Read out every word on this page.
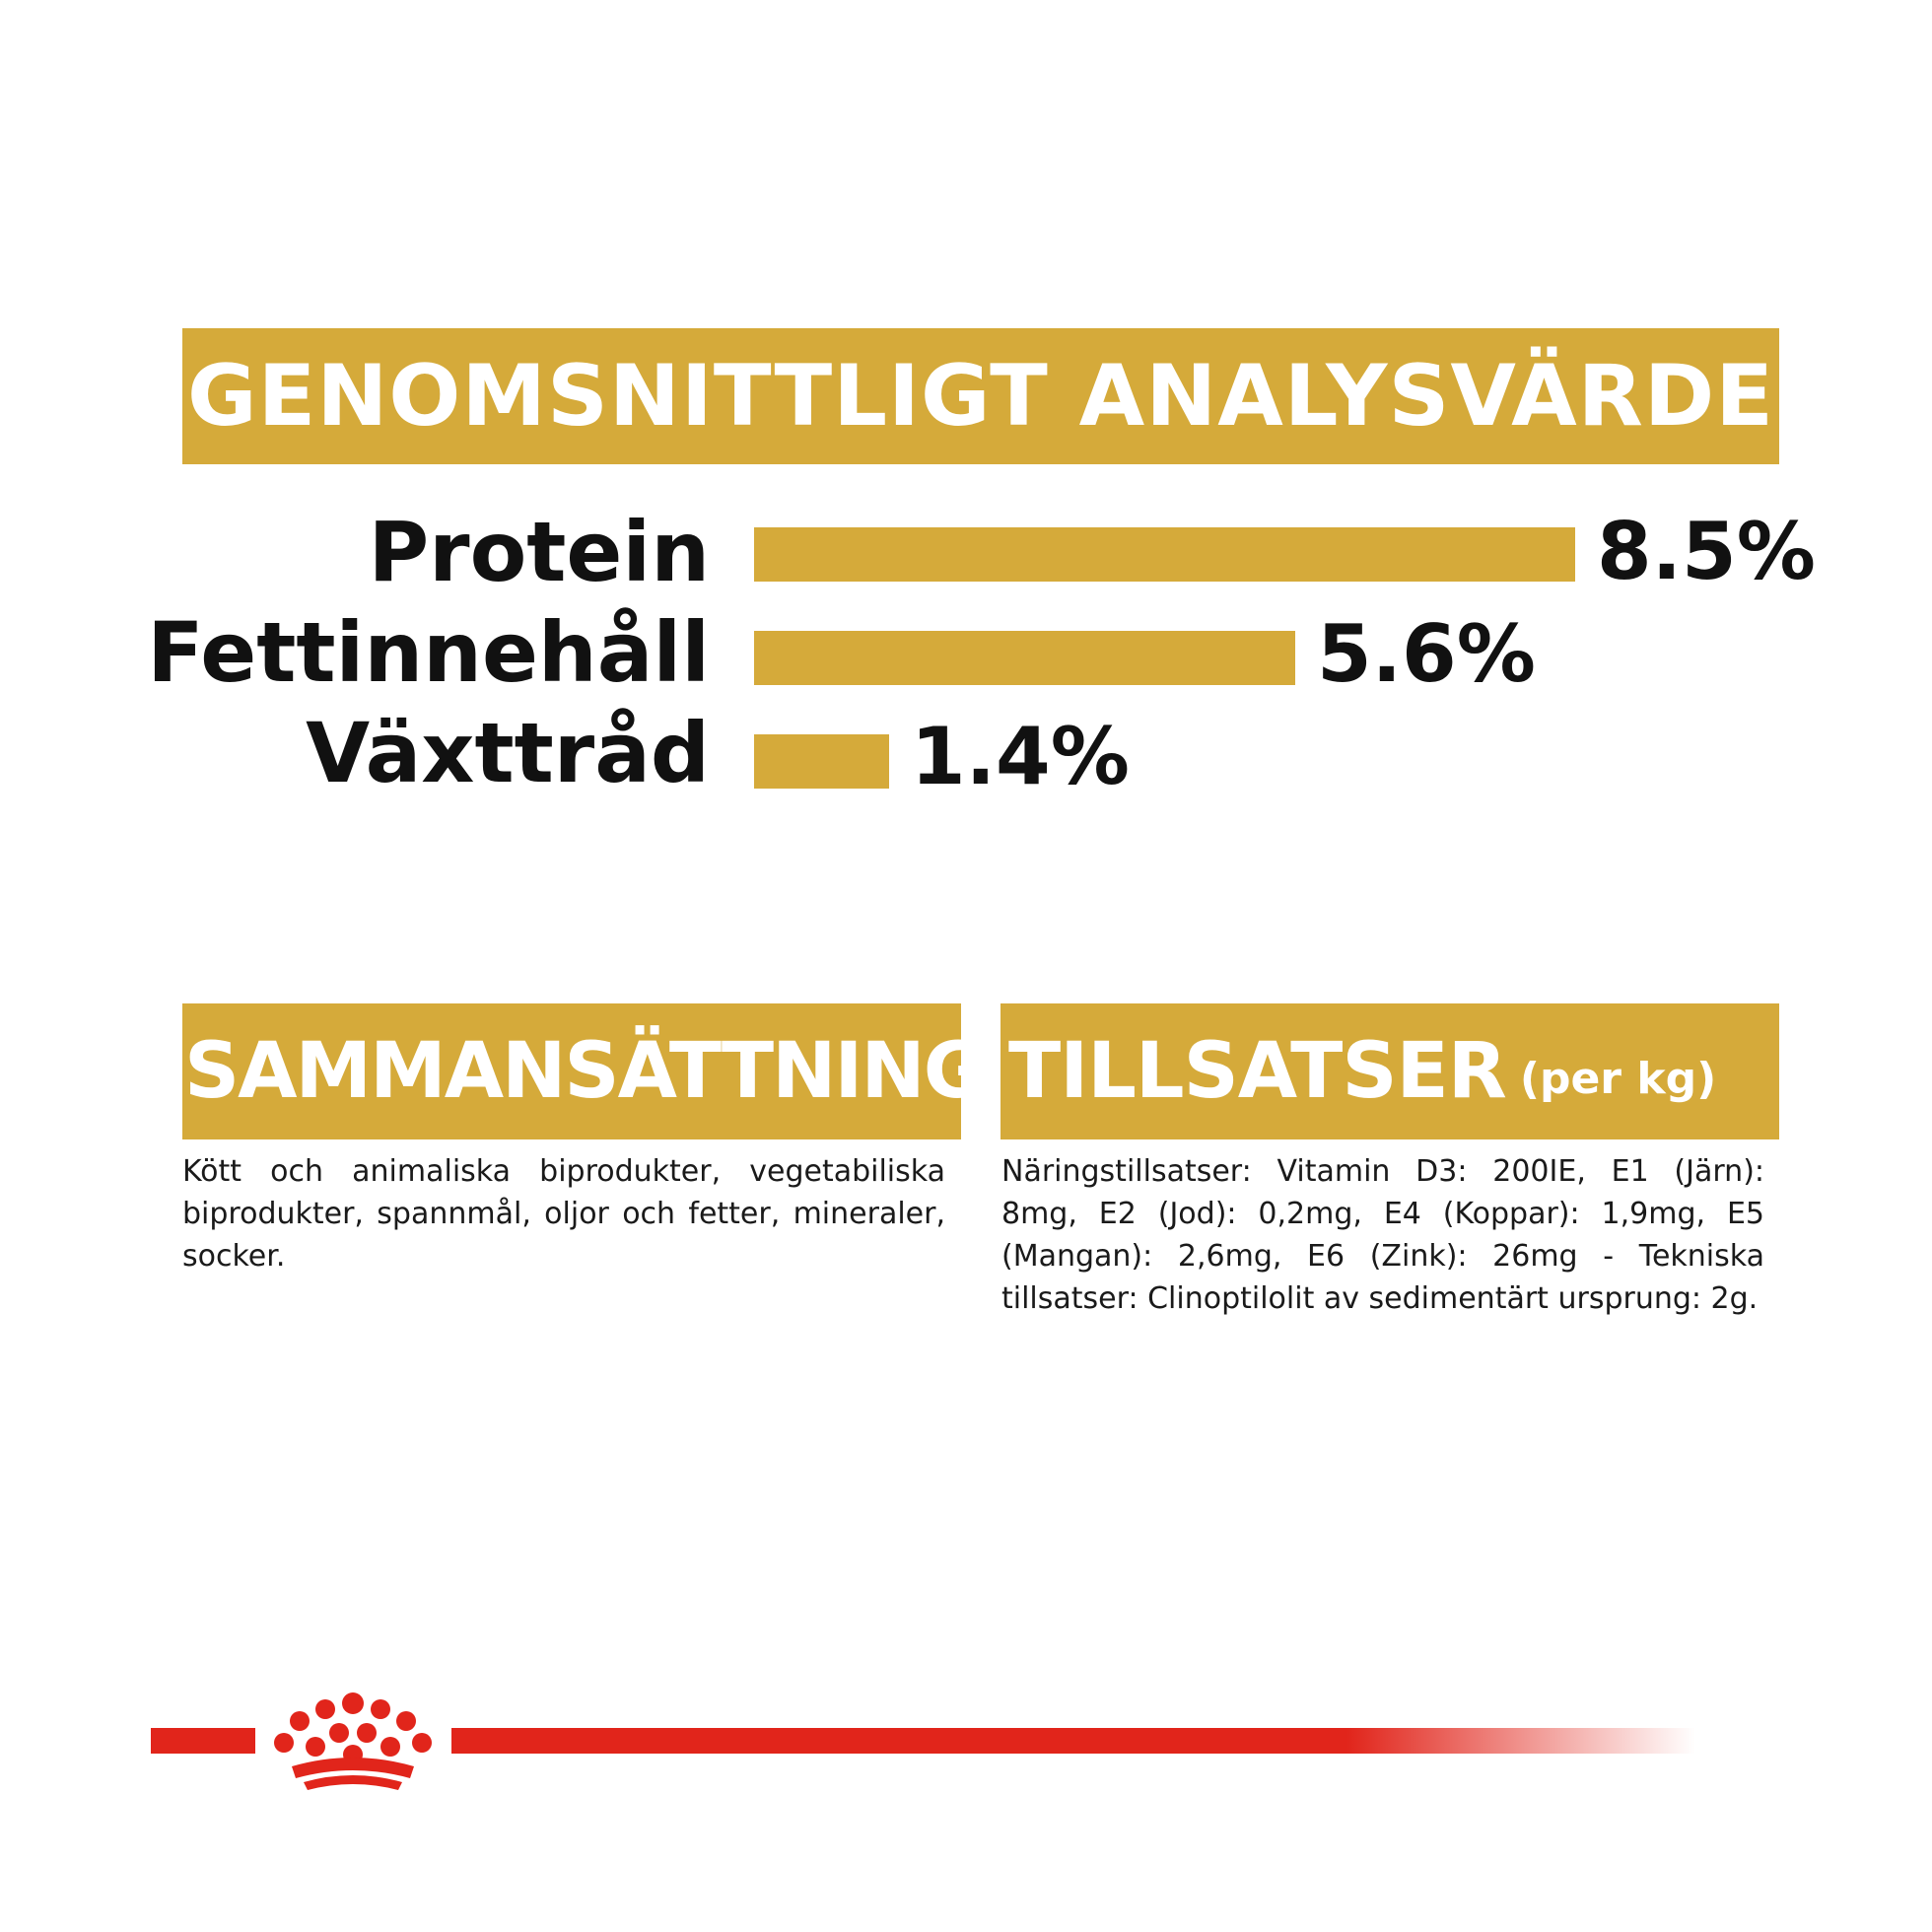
GENOMSNITTLIGT ANALYSVÄRDE
Protein	8.5%
Fettinnehåll	5.6%
Växttråd	1.4%
SAMMANSÄTTNING
Kött och animaliska biprodukter, vegetabiliska biprodukter, spannmål, oljor och fetter, mineraler, socker.
TILLSATSER (per kg)
Näringstillsatser: Vitamin D3: 200IE, E1 (Järn): 8mg, E2 (Jod): 0,2mg, E4 (Koppar): 1,9mg, E5 (Mangan): 2,6mg, E6 (Zink): 26mg - Tekniska tillsatser: Clinoptilolit av sedimentärt ursprung: 2g.
